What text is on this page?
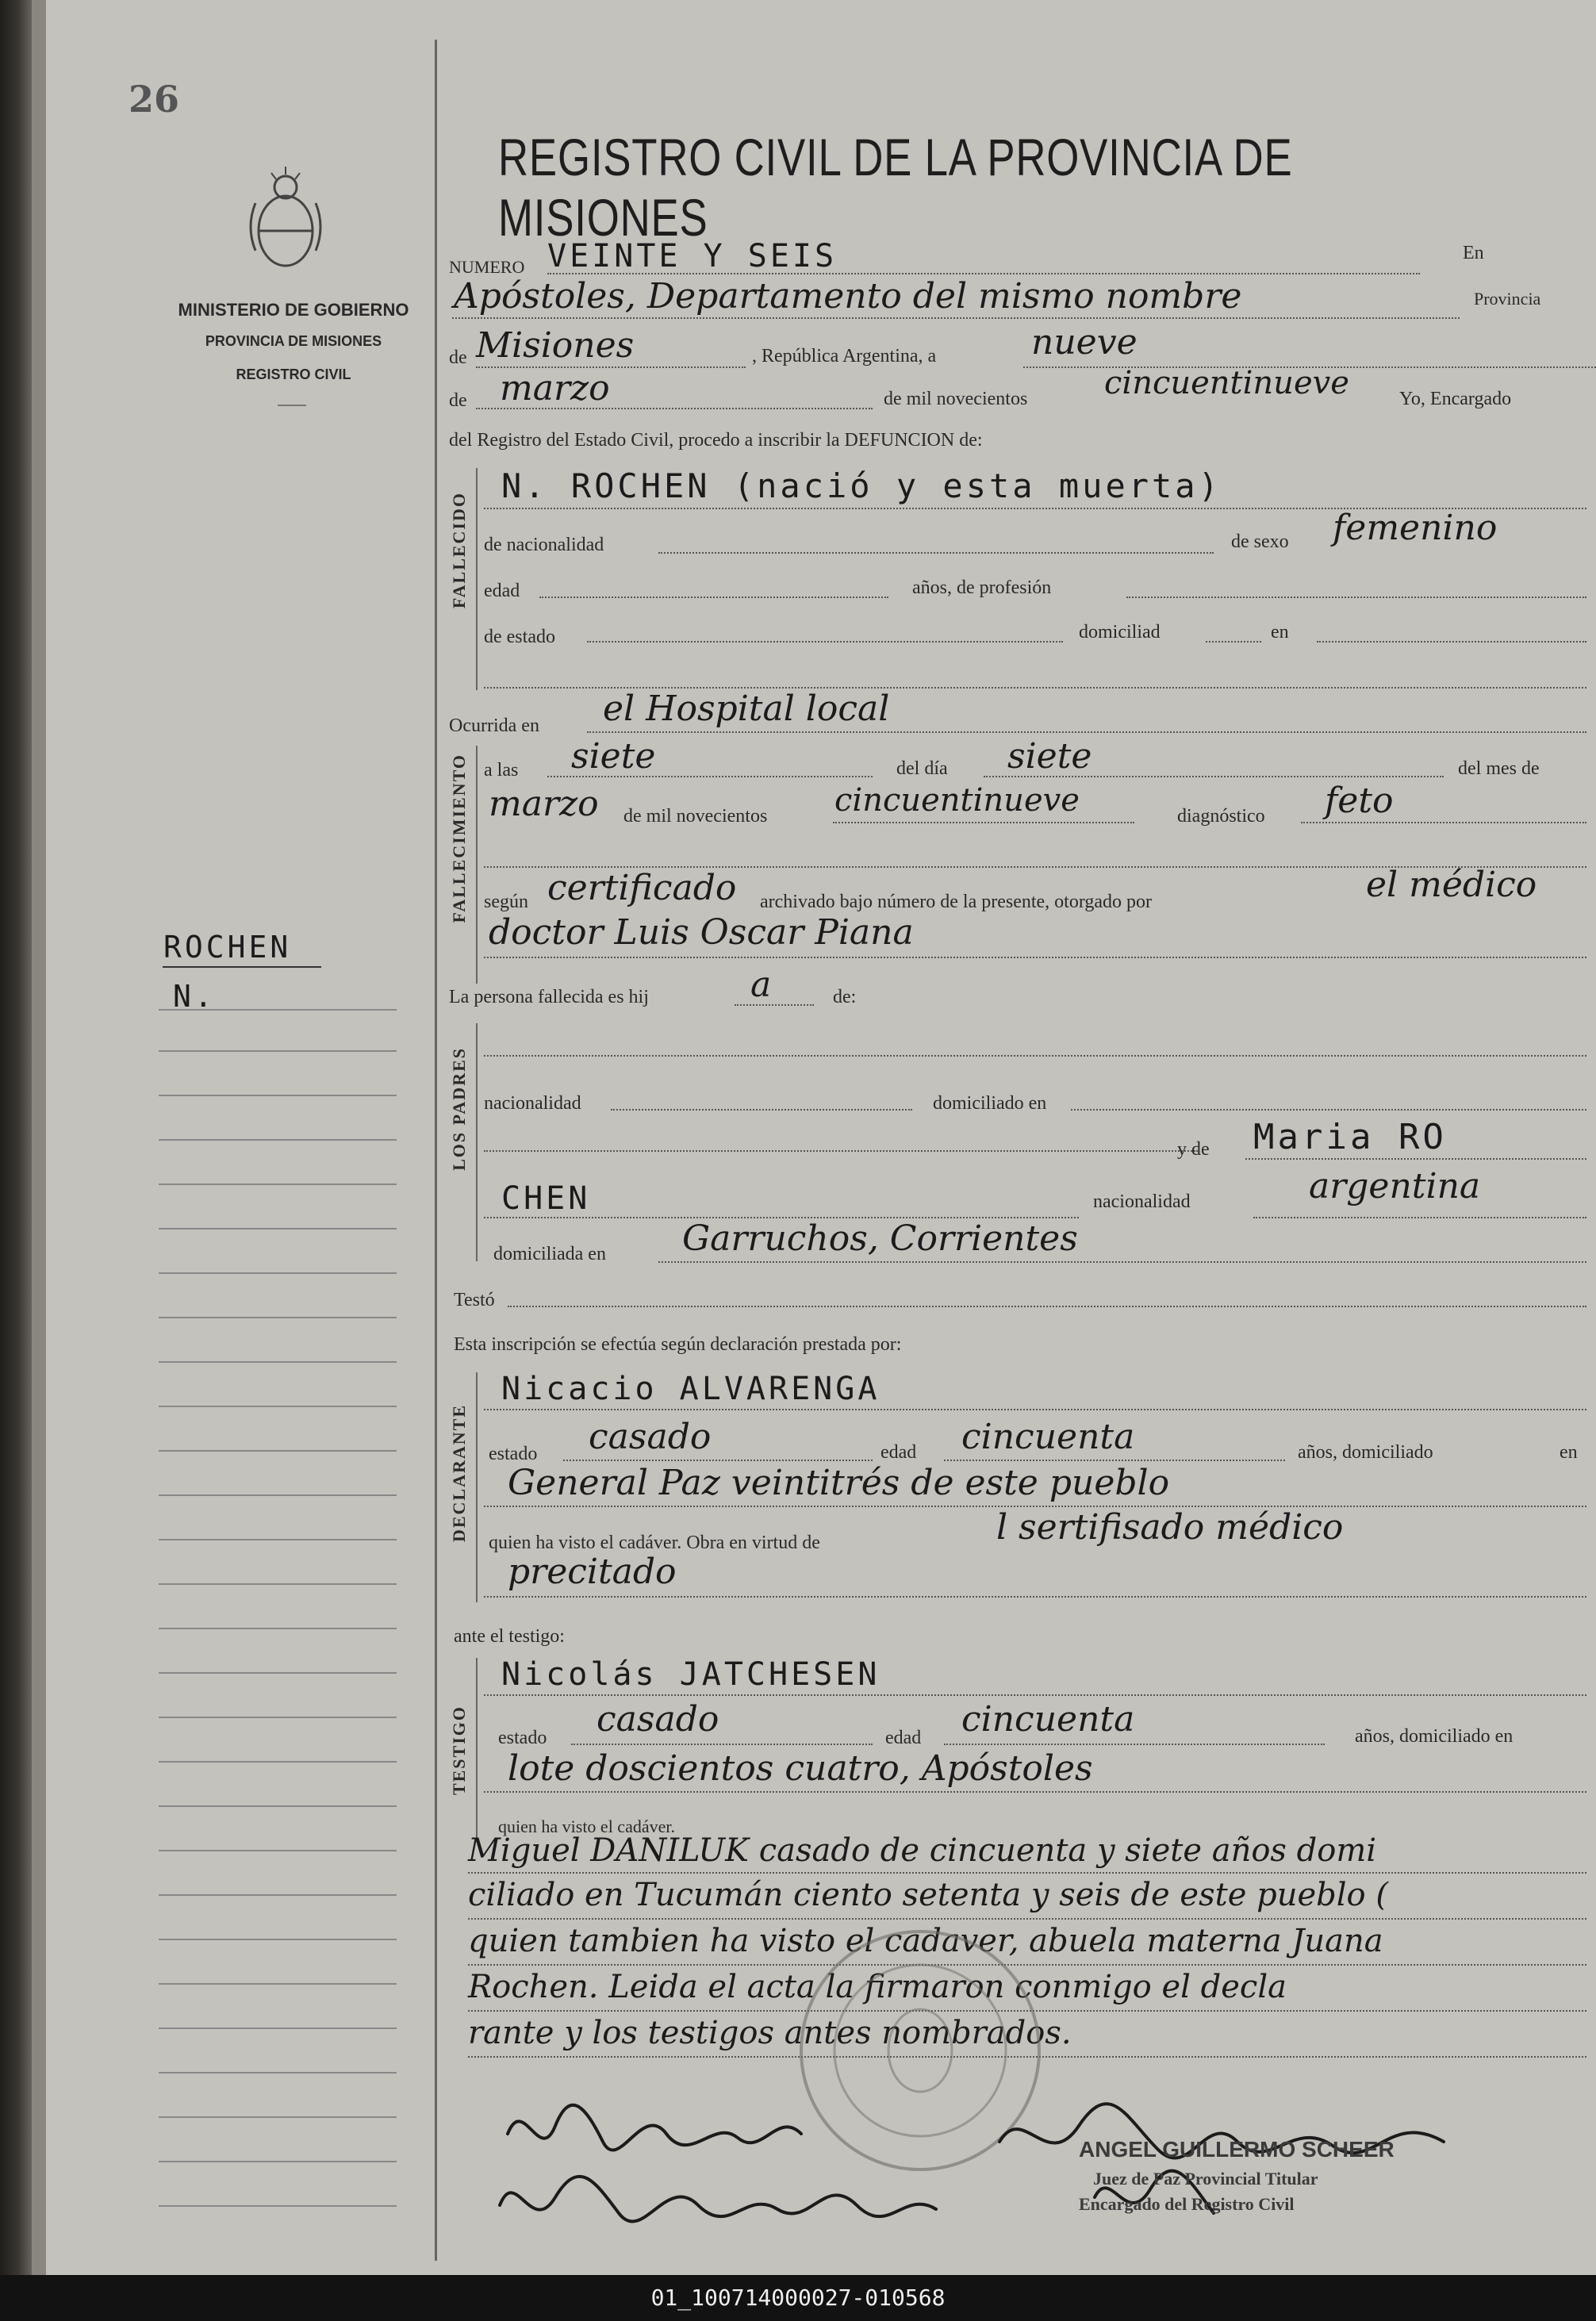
26
MINISTERIO DE GOBIERNO
PROVINCIA DE MISIONES
REGISTRO CIVIL
ROCHEN
N.
REGISTRO CIVIL DE LA PROVINCIA DE MISIONES
NUMERO VEINTE Y SEIS	En
Apóstoles, Departamento del mismo nombre	Provincia
de Misiones	, República Argentina, a	nueve
de marzo	de mil novecientos cincuentinueve	Yo, Encargado
del Registro del Estado Civil, procedo a inscribir la DEFUNCION de:
FALLECIDO
N. ROCHEN (nació y esta muerta)
de nacionalidad	de sexo femenino
edad	años, de profesión
de estado	domiciliad	en
Ocurrida en el Hospital local
FALLECIMIENTO a las siete	del día siete	del mes de
marzo de mil novecientos cincuentinueve	diagnóstico feto
según certificado archivado bajo número de la presente, otorgado por	el médico
doctor Luis Oscar Piana
La persona fallecida es hij	a	de:
LOS PADRES nacionalidad	domiciliado en
y de Maria RO
CHEN	nacionalidad	argentina
domiciliada en Garruchos, Corrientes
Testó
Esta inscripción se efectúa según declaración prestada por:
DECLARANTE
Nicacio ALVARENGA
estado casado	edad cincuenta	años, domiciliado	en
General Paz veintitrés de este pueblo
quien ha visto el cadáver. Obra en virtud de	l sertifisado médico
precitado
ante el testigo:
TESTIGO
Nicolás JATCHESEN
estado casado	edad cincuenta	años, domiciliado en
lote doscientos cuatro, Apóstoles
quien ha visto el cadáver.
Miguel DANILUK casado de cincuenta y siete años domi
ciliado en Tucumán ciento setenta y seis de este pueblo (
quien tambien ha visto el cadaver, abuela materna Juana
Rochen. Leida el acta la firmaron conmigo el decla
rante y los testigos antes nombrados.
ANGEL GUILLERMO SCHEER
Juez de Paz Provincial Titular
Encargado del Registro Civil
01_100714000027-010568
